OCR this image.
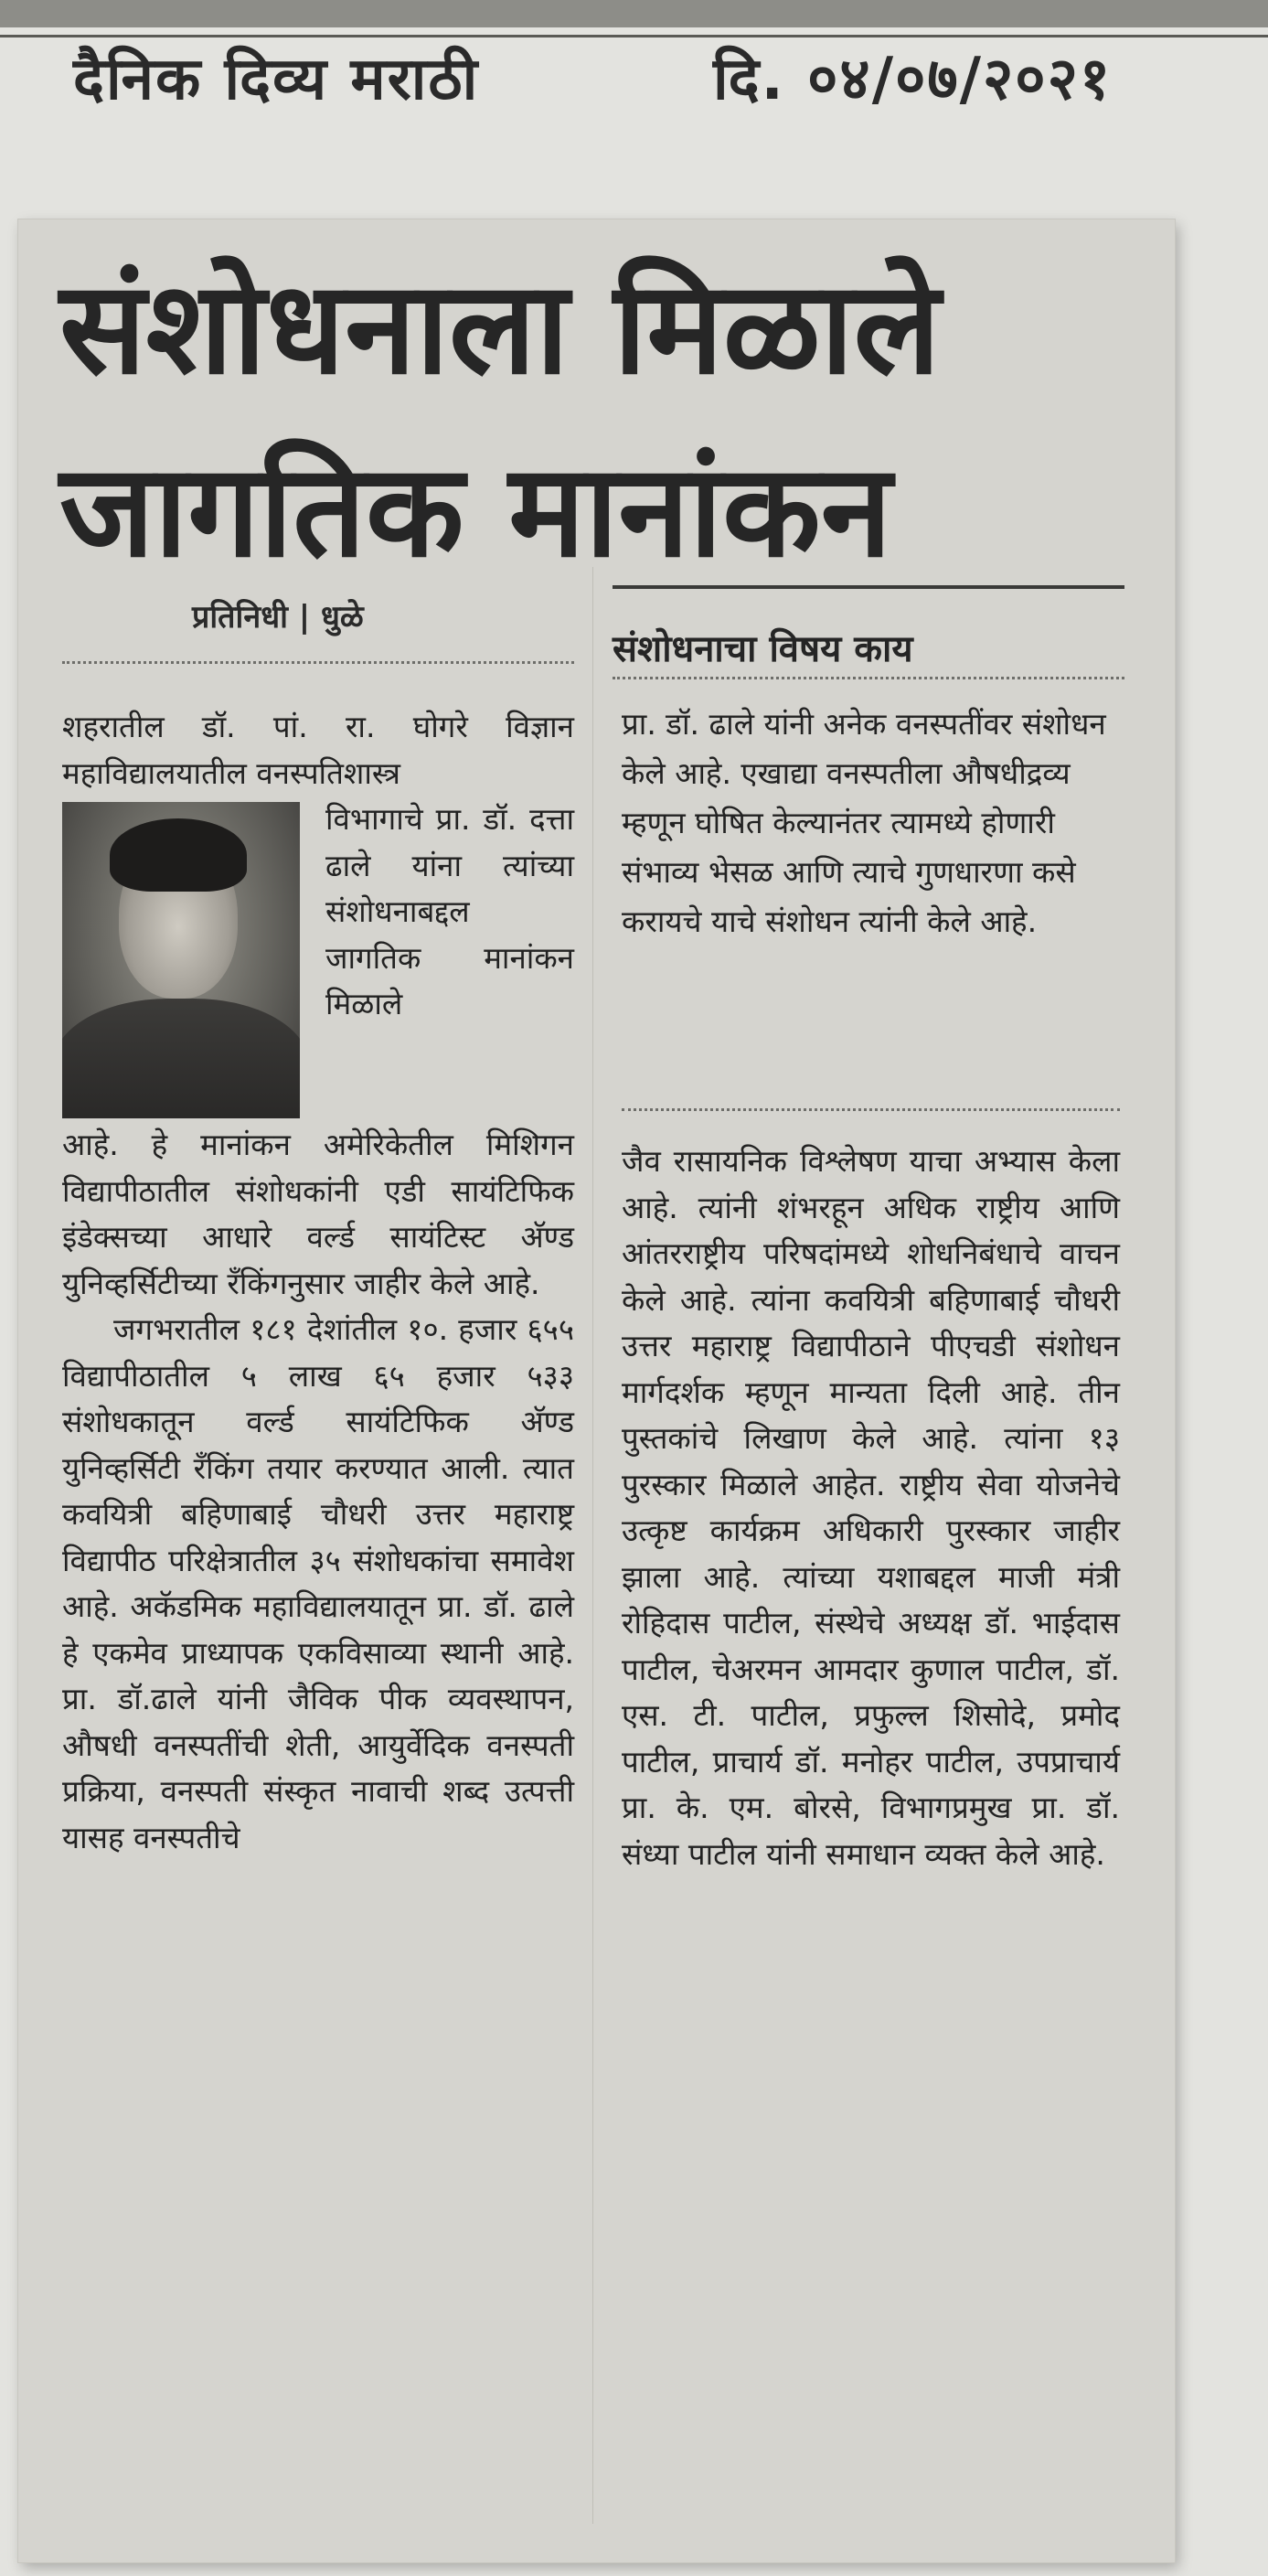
दैनिक दिव्य मराठी	दि. ०४/०७/२०२१
संशोधनाला मिळाले
जागतिक मानांकन
प्रतिनिधी | धुळे

शहरातील डॉ. पां. रा. घोगरे विज्ञान महाविद्यालयातील वनस्पतिशास्त्र

विभागाचे प्रा. डॉ. दत्ता ढाले यांना त्यांच्या संशोधनाबद्दल जागतिक मानांकन मिळाले

आहे. हे मानांकन अमेरिकेतील मिशिगन विद्यापीठातील संशोधकांनी एडी सायंटिफिक इंडेक्सच्या आधारे वर्ल्ड सायंटिस्ट अ‍ॅण्ड युनिव्हर्सिटीच्या रँकिंगनुसार जाहीर केले आहे.

जगभरातील १८१ देशांतील १०. हजार ६५५ विद्यापीठातील ५ लाख ६५ हजार ५३३ संशोधकातून वर्ल्ड सायंटिफिक अ‍ॅण्ड युनिव्हर्सिटी रँकिंग तयार करण्यात आली. त्यात कवयित्री बहिणाबाई चौधरी उत्तर महाराष्ट्र विद्यापीठ परिक्षेत्रातील ३५ संशोधकांचा समावेश आहे. अकॅडमिक महाविद्यालयातून प्रा. डॉ. ढाले हे एकमेव प्राध्यापक एकविसाव्या स्थानी आहे. प्रा. डॉ.ढाले यांनी जैविक पीक व्यवस्थापन, औषधी वनस्पतींची शेती, आयुर्वेदिक वनस्पती प्रक्रिया, वनस्पती संस्कृत नावाची शब्द उत्पत्ती यासह वनस्पतीचे

संशोधनाचा विषय काय
प्रा. डॉ. ढाले यांनी अनेक वनस्पतींवर संशोधन केले आहे. एखाद्या वनस्पतीला औषधीद्रव्य म्हणून घोषित केल्यानंतर त्यामध्ये होणारी संभाव्य भेसळ आणि त्याचे गुणधारणा कसे करायचे याचे संशोधन त्यांनी केले आहे.
जैव रासायनिक विश्लेषण याचा अभ्यास केला आहे. त्यांनी शंभरहून अधिक राष्ट्रीय आणि आंतरराष्ट्रीय परिषदांमध्ये शोधनिबंधाचे वाचन केले आहे. त्यांना कवयित्री बहिणाबाई चौधरी उत्तर महाराष्ट्र विद्यापीठाने पीएचडी संशोधन मार्गदर्शक म्हणून मान्यता दिली आहे. तीन पुस्तकांचे लिखाण केले आहे. त्यांना १३ पुरस्कार मिळाले आहेत. राष्ट्रीय सेवा योजनेचे उत्कृष्ट कार्यक्रम अधिकारी पुरस्कार जाहीर झाला आहे. त्यांच्या यशाबद्दल माजी मंत्री रोहिदास पाटील, संस्थेचे अध्यक्ष डॉ. भाईदास पाटील, चेअरमन आमदार कुणाल पाटील, डॉ. एस. टी. पाटील, प्रफुल्ल शिसोदे, प्रमोद पाटील, प्राचार्य डॉ. मनोहर पाटील, उपप्राचार्य प्रा. के. एम. बोरसे, विभागप्रमुख प्रा. डॉ. संध्या पाटील यांनी समाधान व्यक्त केले आहे.
